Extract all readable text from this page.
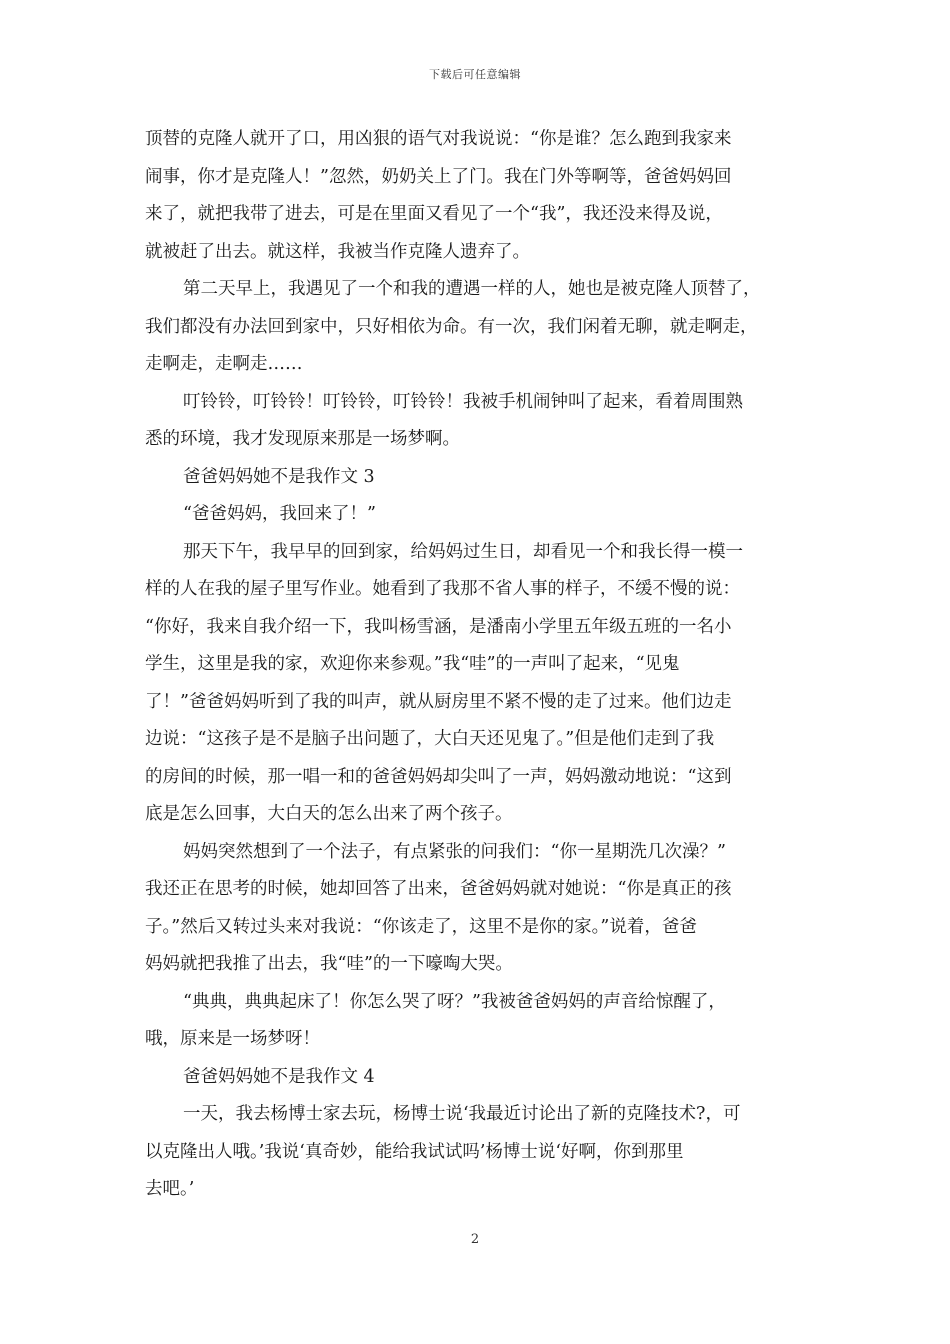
下载后可任意编辑
顶替的克隆人就开了口，用凶狠的语气对我说说：“你是谁？怎么跑到我家来
闹事，你才是克隆人！”忽然，奶奶关上了门。我在门外等啊等，爸爸妈妈回
来了，就把我带了进去，可是在里面又看见了一个“我”，我还没来得及说，
就被赶了出去。就这样，我被当作克隆人遗弃了。
第二天早上，我遇见了一个和我的遭遇一样的人，她也是被克隆人顶替了，
我们都没有办法回到家中，只好相依为命。有一次，我们闲着无聊，就走啊走，
走啊走，走啊走……
叮铃铃，叮铃铃！叮铃铃，叮铃铃！我被手机闹钟叫了起来，看着周围熟
悉的环境，我才发现原来那是一场梦啊。
爸爸妈妈她不是我作文 3
“爸爸妈妈，我回来了！”
那天下午，我早早的回到家，给妈妈过生日，却看见一个和我长得一模一
样的人在我的屋子里写作业。她看到了我那不省人事的样子，不缓不慢的说：
“你好，我来自我介绍一下，我叫杨雪涵，是潘南小学里五年级五班的一名小
学生，这里是我的家，欢迎你来参观。”我“哇”的一声叫了起来，“见鬼
了！”爸爸妈妈听到了我的叫声，就从厨房里不紧不慢的走了过来。他们边走
边说：“这孩子是不是脑子出问题了，大白天还见鬼了。”但是他们走到了我
的房间的时候，那一唱一和的爸爸妈妈却尖叫了一声，妈妈激动地说：“这到
底是怎么回事，大白天的怎么出来了两个孩子。
妈妈突然想到了一个法子，有点紧张的问我们：“你一星期洗几次澡？”
我还正在思考的时候，她却回答了出来，爸爸妈妈就对她说：“你是真正的孩
子。”然后又转过头来对我说：“你该走了，这里不是你的家。”说着，爸爸
妈妈就把我推了出去，我“哇”的一下嚎啕大哭。
“典典，典典起床了！你怎么哭了呀？”我被爸爸妈妈的声音给惊醒了，
哦，原来是一场梦呀！
爸爸妈妈她不是我作文 4
一天，我去杨博士家去玩，杨博士说‘我最近讨论出了新的克隆技术?，可
以克隆出人哦。’我说‘真奇妙，能给我试试吗’杨博士说‘好啊，你到那里
去吧。’
2
